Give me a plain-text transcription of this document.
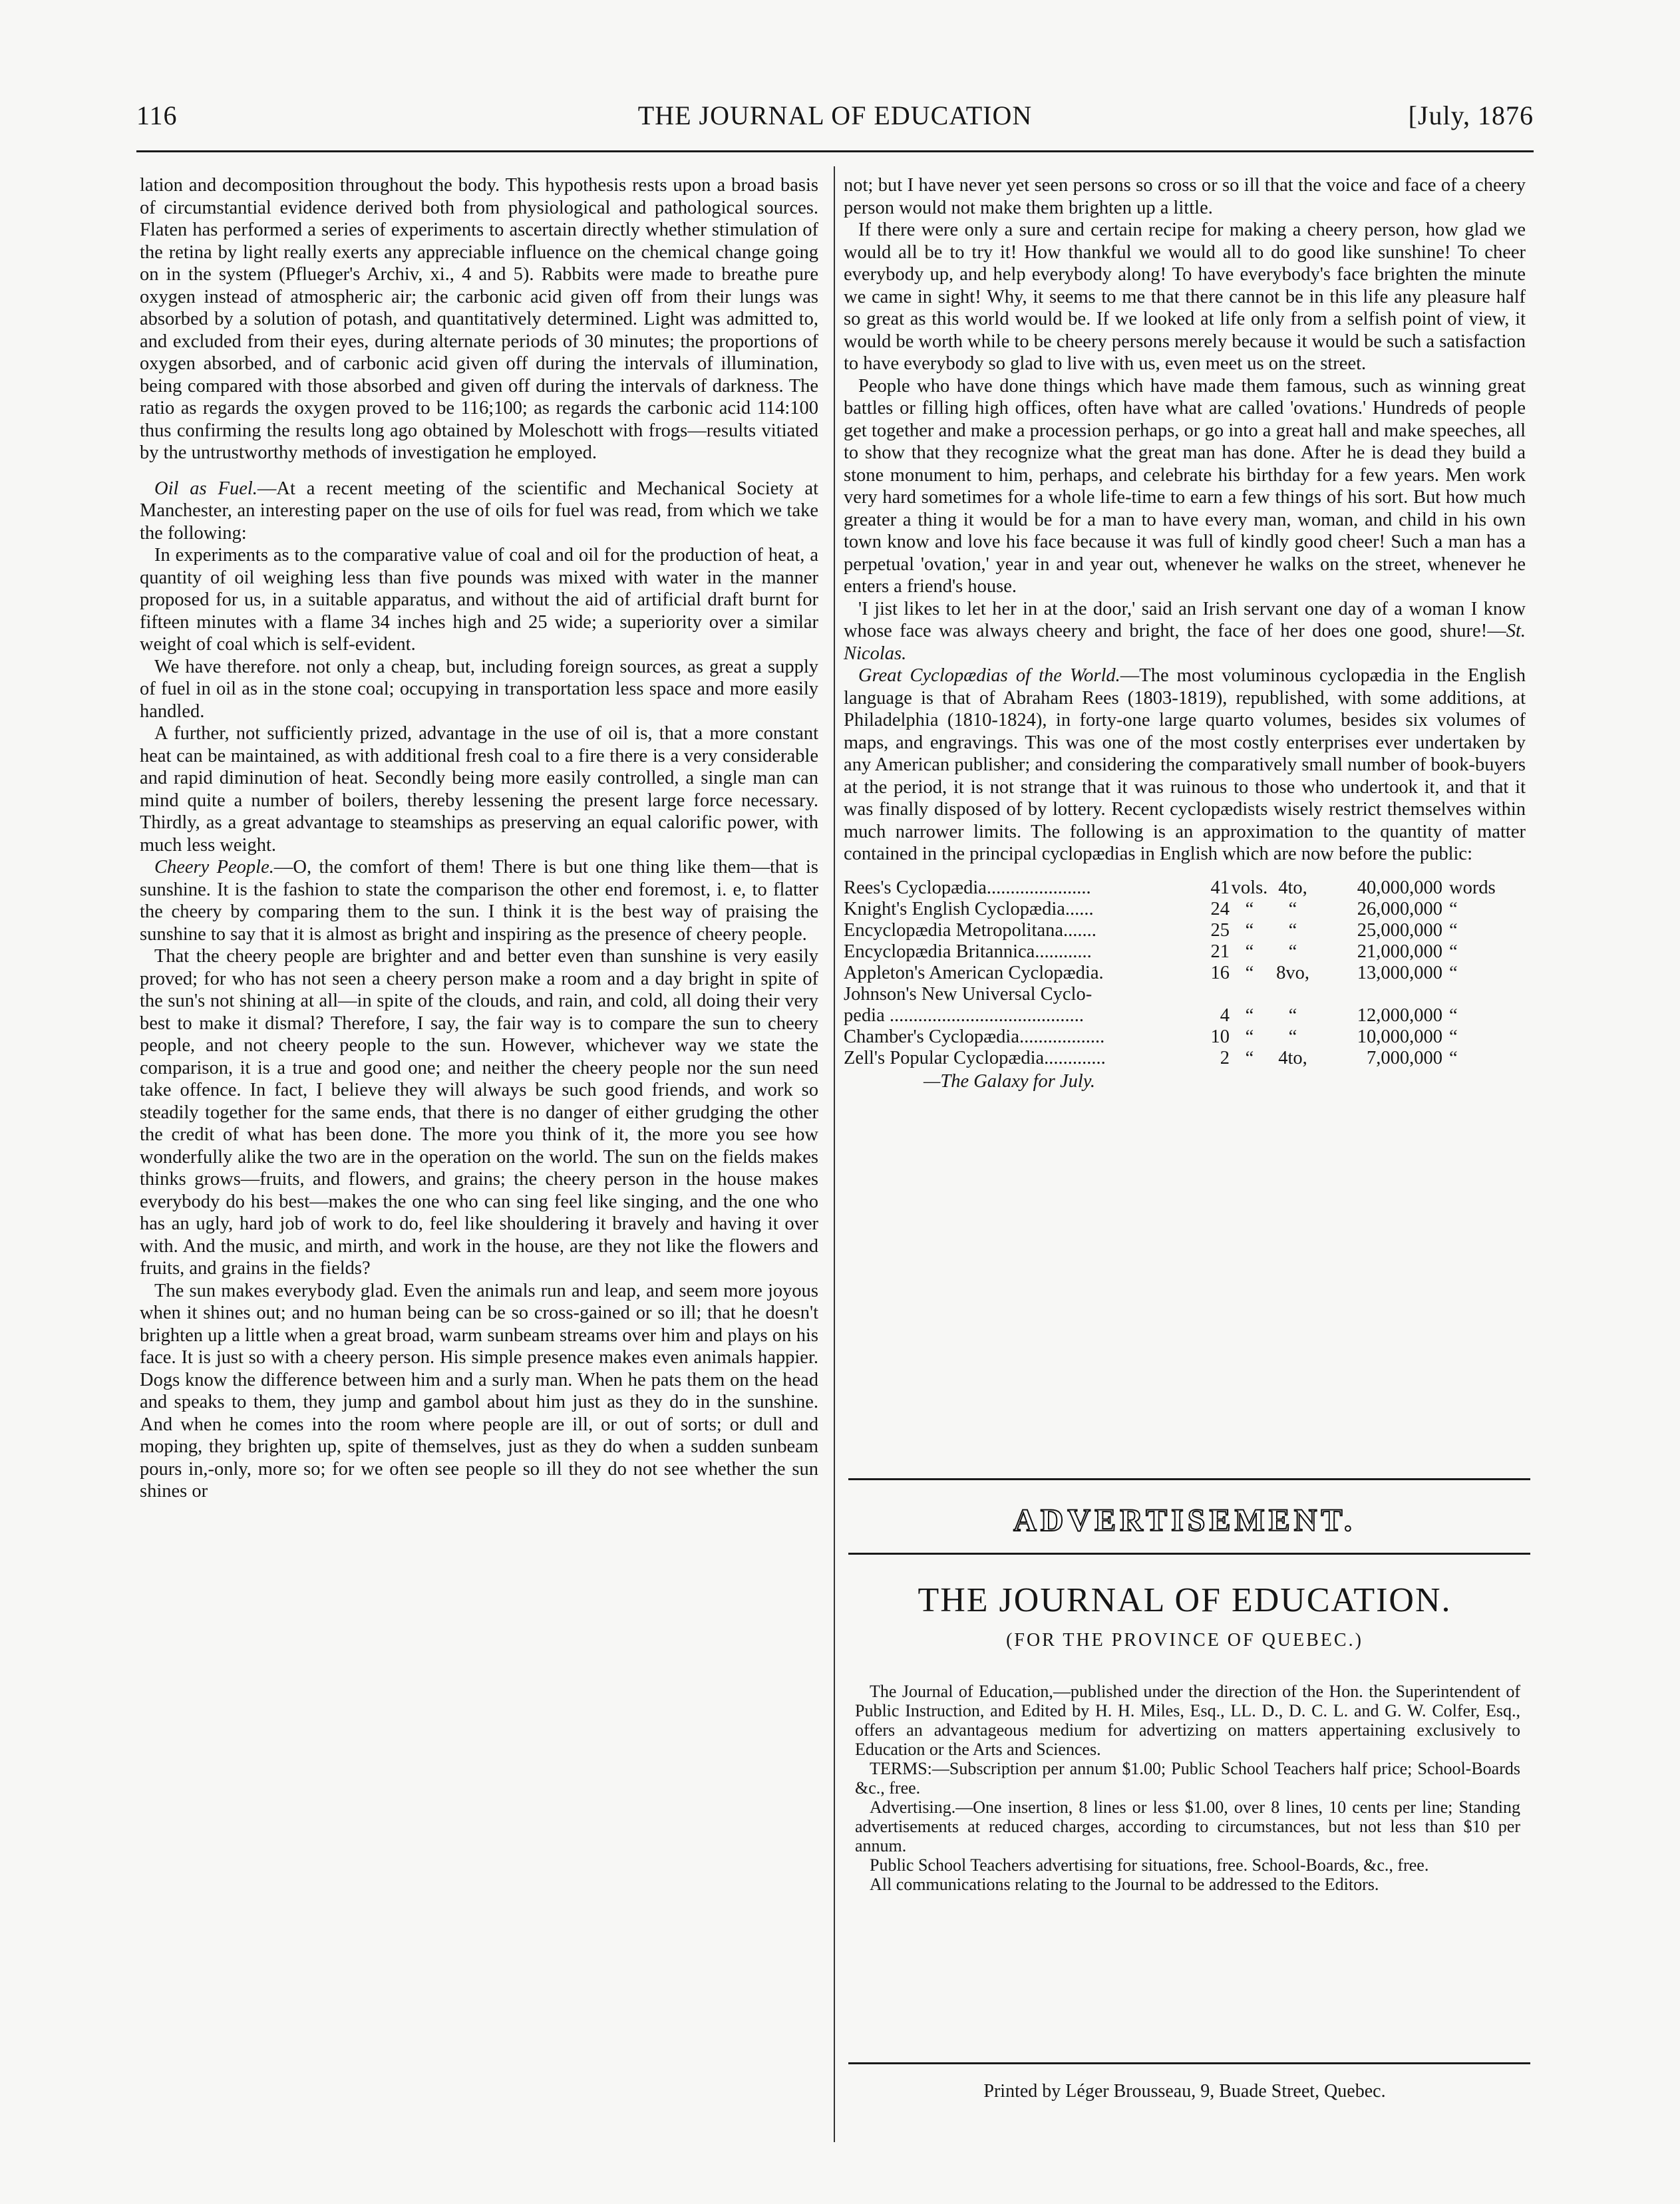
116	THE JOURNAL OF EDUCATION	[July, 1876

lation and decomposition throughout the body. This hypothesis rests upon a broad basis of circumstantial evidence derived both from physiological and pathological sources. Flaten has performed a series of experiments to ascertain directly whether stimulation of the retina by light really exerts any appreciable influence on the chemical change going on in the system (Pflueger's Archiv, xi., 4 and 5). Rabbits were made to breathe pure oxygen instead of atmospheric air; the carbonic acid given off from their lungs was absorbed by a solution of potash, and quantitatively determined. Light was admitted to, and excluded from their eyes, during alternate periods of 30 minutes; the proportions of oxygen absorbed, and of carbonic acid given off during the intervals of illumination, being compared with those absorbed and given off during the intervals of darkness. The ratio as regards the oxygen proved to be 116;100; as regards the carbonic acid 114:100 thus confirming the results long ago obtained by Moleschott with frogs—results vitiated by the untrustworthy methods of investigation he employed.

Oil as Fuel.—At a recent meeting of the scientific and Mechanical Society at Manchester, an interesting paper on the use of oils for fuel was read, from which we take the following:

In experiments as to the comparative value of coal and oil for the production of heat, a quantity of oil weighing less than five pounds was mixed with water in the manner proposed for us, in a suitable apparatus, and without the aid of artificial draft burnt for fifteen minutes with a flame 34 inches high and 25 wide; a superiority over a similar weight of coal which is self-evident.

We have therefore. not only a cheap, but, including foreign sources, as great a supply of fuel in oil as in the stone coal; occupying in transportation less space and more easily handled.

A further, not sufficiently prized, advantage in the use of oil is, that a more constant heat can be maintained, as with additional fresh coal to a fire there is a very considerable and rapid diminution of heat. Secondly being more easily controlled, a single man can mind quite a number of boilers, thereby lessening the present large force necessary. Thirdly, as a great advantage to steamships as preserving an equal calorific power, with much less weight.

Cheery People.—O, the comfort of them! There is but one thing like them—that is sunshine. It is the fashion to state the comparison the other end foremost, i. e, to flatter the cheery by comparing them to the sun. I think it is the best way of praising the sunshine to say that it is almost as bright and inspiring as the presence of cheery people.

That the cheery people are brighter and and better even than sunshine is very easily proved; for who has not seen a cheery person make a room and a day bright in spite of the sun's not shining at all—in spite of the clouds, and rain, and cold, all doing their very best to make it dismal? Therefore, I say, the fair way is to compare the sun to cheery people, and not cheery people to the sun. However, whichever way we state the comparison, it is a true and good one; and neither the cheery people nor the sun need take offence. In fact, I believe they will always be such good friends, and work so steadily together for the same ends, that there is no danger of either grudging the other the credit of what has been done. The more you think of it, the more you see how wonderfully alike the two are in the operation on the world. The sun on the fields makes thinks grows—fruits, and flowers, and grains; the cheery person in the house makes everybody do his best—makes the one who can sing feel like singing, and the one who has an ugly, hard job of work to do, feel like shouldering it bravely and having it over with. And the music, and mirth, and work in the house, are they not like the flowers and fruits, and grains in the fields?

The sun makes everybody glad. Even the animals run and leap, and seem more joyous when it shines out; and no human being can be so cross-gained or so ill; that he doesn't brighten up a little when a great broad, warm sunbeam streams over him and plays on his face. It is just so with a cheery person. His simple presence makes even animals happier. Dogs know the difference between him and a surly man. When he pats them on the head and speaks to them, they jump and gambol about him just as they do in the sunshine. And when he comes into the room where people are ill, or out of sorts; or dull and moping, they brighten up, spite of themselves, just as they do when a sudden sunbeam pours in,-only, more so; for we often see people so ill they do not see whether the sun shines or

not; but I have never yet seen persons so cross or so ill that the voice and face of a cheery person would not make them brighten up a little.

If there were only a sure and certain recipe for making a cheery person, how glad we would all be to try it! How thankful we would all to do good like sunshine! To cheer everybody up, and help everybody along! To have everybody's face brighten the minute we came in sight! Why, it seems to me that there cannot be in this life any pleasure half so great as this world would be. If we looked at life only from a selfish point of view, it would be worth while to be cheery persons merely because it would be such a satisfaction to have everybody so glad to live with us, even meet us on the street.

People who have done things which have made them famous, such as winning great battles or filling high offices, often have what are called 'ovations.' Hundreds of people get together and make a procession perhaps, or go into a great hall and make speeches, all to show that they recognize what the great man has done. After he is dead they build a stone monument to him, perhaps, and celebrate his birthday for a few years. Men work very hard sometimes for a whole life-time to earn a few things of his sort. But how much greater a thing it would be for a man to have every man, woman, and child in his own town know and love his face because it was full of kindly good cheer! Such a man has a perpetual 'ovation,' year in and year out, whenever he walks on the street, whenever he enters a friend's house.

'I jist likes to let her in at the door,' said an Irish servant one day of a woman I know whose face was always cheery and bright, the face of her does one good, shure!—St. Nicolas.

Great Cyclopædias of the World.—The most voluminous cyclopædia in the English language is that of Abraham Rees (1803-1819), republished, with some additions, at Philadelphia (1810-1824), in forty-one large quarto volumes, besides six volumes of maps, and engravings. This was one of the most costly enterprises ever undertaken by any American publisher; and considering the comparatively small number of book-buyers at the period, it is not strange that it was ruinous to those who undertook it, and that it was finally disposed of by lottery. Recent cyclopædists wisely restrict themselves within much narrower limits. The following is an approximation to the quantity of matter contained in the principal cyclopædias in English which are now before the public:

Rees's Cyclopædia......................	41	vols.	4to,	40,000,000	words
Knight's English Cyclopædia......	24	“	“	26,000,000	“
Encyclopædia Metropolitana.......	25	“	“	25,000,000	“
Encyclopædia Britannica............	21	“	“	21,000,000	“
Appleton's American Cyclopædia.	16	“	8vo,	13,000,000	“
Johnson's New Universal Cyclo-					
pedia .........................................	4	“	“	12,000,000	“
Chamber's Cyclopædia..................	10	“	“	10,000,000	“
Zell's Popular Cyclopædia.............	2	“	4to,	7,000,000	“
—The Galaxy for July.
ADVERTISEMENT.
THE JOURNAL OF EDUCATION.
(FOR THE PROVINCE OF QUEBEC.)

The Journal of Education,—published under the direction of the Hon. the Superintendent of Public Instruction, and Edited by H. H. Miles, Esq., LL. D., D. C. L. and G. W. Colfer, Esq., offers an advantageous medium for advertizing on matters appertaining exclusively to Education or the Arts and Sciences.

TERMS:—Subscription per annum $1.00; Public School Teachers half price; School-Boards &c., free.

Advertising.—One insertion, 8 lines or less $1.00, over 8 lines, 10 cents per line; Standing advertisements at reduced charges, according to circumstances, but not less than $10 per annum.

Public School Teachers advertising for situations, free. School-Boards, &c., free.

All communications relating to the Journal to be addressed to the Editors.

Printed by Léger Brousseau, 9, Buade Street, Quebec.
